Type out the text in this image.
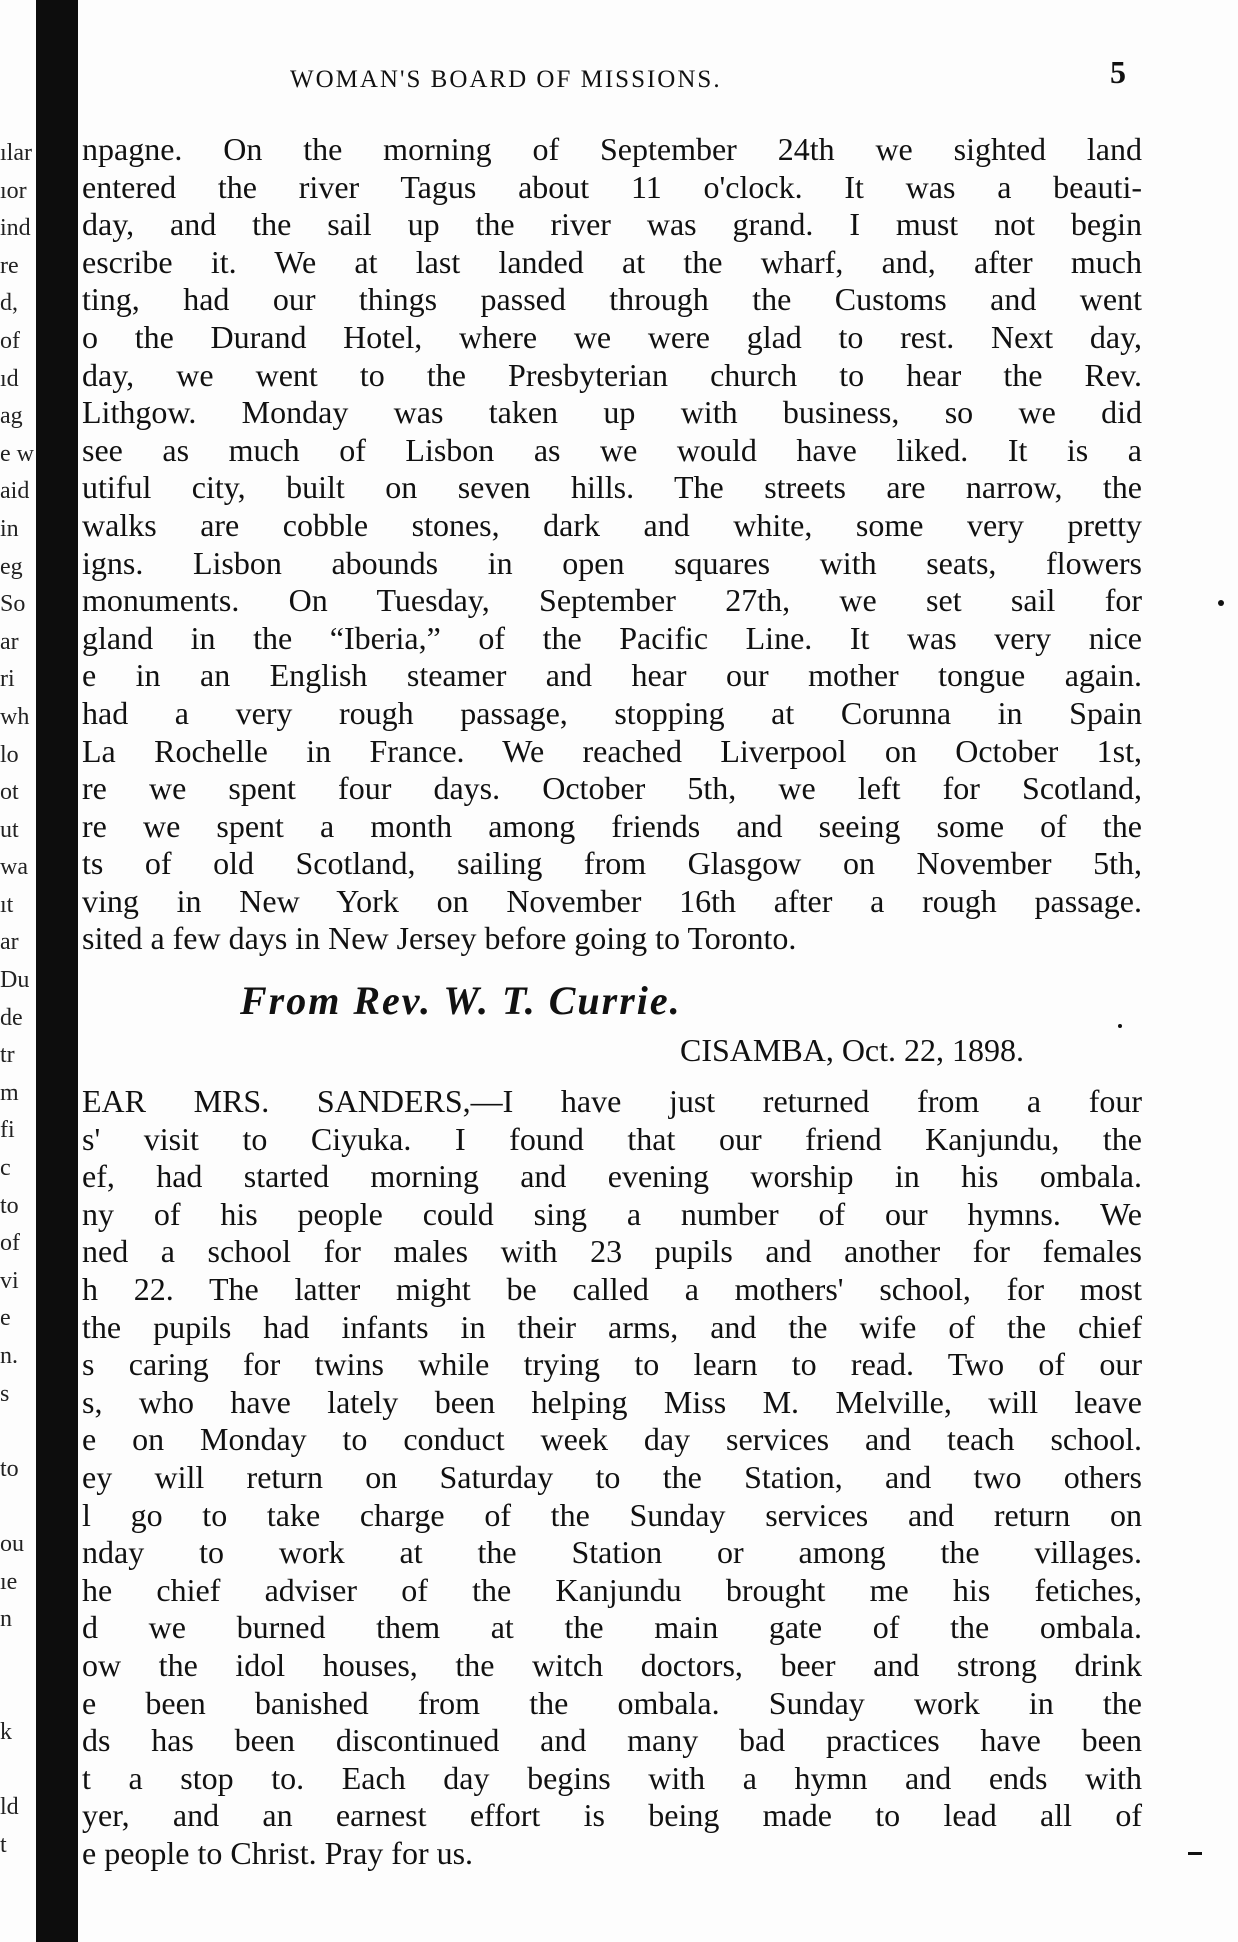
ılar
ıor
ind
re
d,
of
ıd
ag
e w
aid
in
eg
So
ar
ri
wh
lo
ot
ut
wa
ıt
ar
Du
de
tr
m
fi
c
to
of
vi
e
n.
s

to

ou
ıe
n

k

ld
t
WOMAN'S BOARD OF MISSIONS.	5
npagne. On the morning of September 24th we sighted land
entered the river Tagus about 11 o'clock. It was a beauti-
day, and the sail up the river was grand. I must not begin
escribe it. We at last landed at the wharf, and, after much
ting, had our things passed through the Customs and went
o the Durand Hotel, where we were glad to rest. Next day,
day, we went to the Presbyterian church to hear the Rev.
Lithgow. Monday was taken up with business, so we did
see as much of Lisbon as we would have liked. It is a
utiful city, built on seven hills. The streets are narrow, the
walks are cobble stones, dark and white, some very pretty
igns. Lisbon abounds in open squares with seats, flowers
monuments. On Tuesday, September 27th, we set sail for
gland in the “Iberia,” of the Pacific Line. It was very nice
e in an English steamer and hear our mother tongue again.
had a very rough passage, stopping at Corunna in Spain
La Rochelle in France. We reached Liverpool on October 1st,
re we spent four days. October 5th, we left for Scotland,
re we spent a month among friends and seeing some of the
ts of old Scotland, sailing from Glasgow on November 5th,
ving in New York on November 16th after a rough passage.
sited a few days in New Jersey before going to Toronto.
From Rev. W. T. Currie.
CISAMBA, Oct. 22, 1898.
EAR MRS. SANDERS,—I have just returned from a four
s' visit to Ciyuka. I found that our friend Kanjundu, the
ef, had started morning and evening worship in his ombala.
ny of his people could sing a number of our hymns. We
ned a school for males with 23 pupils and another for females
h 22. The latter might be called a mothers' school, for most
the pupils had infants in their arms, and the wife of the chief
s caring for twins while trying to learn to read. Two of our
s, who have lately been helping Miss M. Melville, will leave
e on Monday to conduct week day services and teach school.
ey will return on Saturday to the Station, and two others
l go to take charge of the Sunday services and return on
nday to work at the Station or among the villages.
he chief adviser of the Kanjundu brought me his fetiches,
d we burned them at the main gate of the ombala.
ow the idol houses, the witch doctors, beer and strong drink
e been banished from the ombala. Sunday work in the
ds has been discontinued and many bad practices have been
t a stop to. Each day begins with a hymn and ends with
yer, and an earnest effort is being made to lead all of
e people to Christ. Pray for us.
